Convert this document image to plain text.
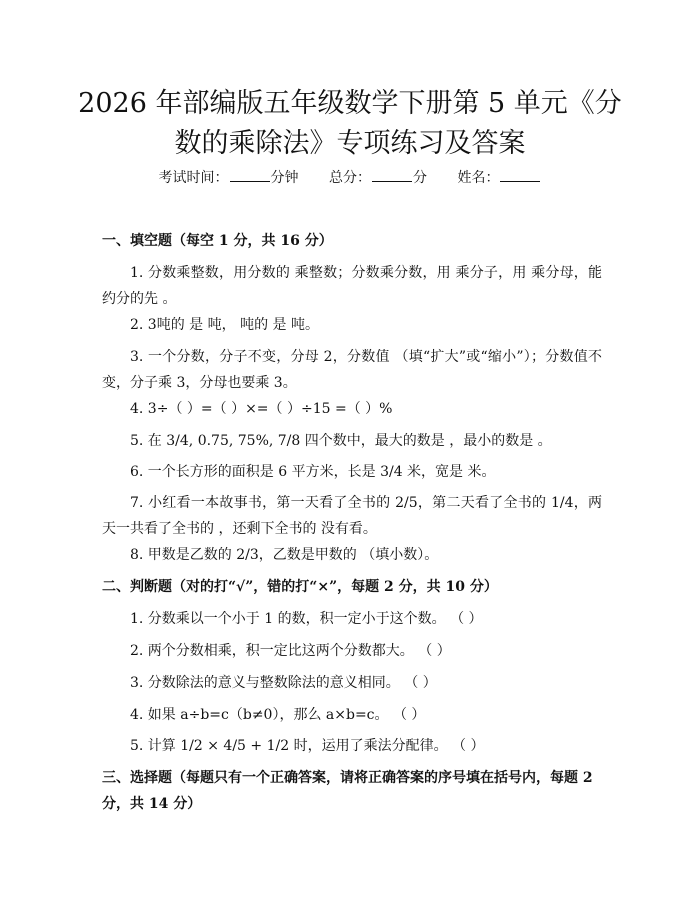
2026 年部编版五年级数学下册第 5 单元《分
数的乘除法》专项练习及答案
考试时间：	分钟 总分：	分 姓名：

一、填空题（每空 1 分，共 16 分）

1. 分数乘整数，用分数的 乘整数；分数乘分数，用 乘分子，用 乘分母，能约分的先 。

2. 3吨的 是 吨， 吨的 是 吨。

3. 一个分数，分子不变，分母 2，分数值 （填“扩大”或“缩小”）；分数值不变，分子乘 3，分母也要乘 3。

4. 3÷（ ）=（ ）×=（ ）÷15 =（ ）%

5. 在 3/4, 0.75, 75%, 7/8 四个数中，最大的数是 ，最小的数是 。

6. 一个长方形的面积是 6 平方米，长是 3/4 米，宽是 米。

7. 小红看一本故事书，第一天看了全书的 2/5，第二天看了全书的 1/4，两天一共看了全书的 ，还剩下全书的 没有看。

8. 甲数是乙数的 2/3，乙数是甲数的 （填小数）。

二、判断题（对的打“√”，错的打“×”，每题 2 分，共 10 分）

1. 分数乘以一个小于 1 的数，积一定小于这个数。 （ ）

2. 两个分数相乘，积一定比这两个分数都大。 （ ）

3. 分数除法的意义与整数除法的意义相同。 （ ）

4. 如果 a÷b=c（b≠0），那么 a×b=c。 （ ）

5. 计算 1/2 × 4/5 + 1/2 时，运用了乘法分配律。 （ ）

三、选择题（每题只有一个正确答案，请将正确答案的序号填在括号内，每题 2 分，共 14 分）
